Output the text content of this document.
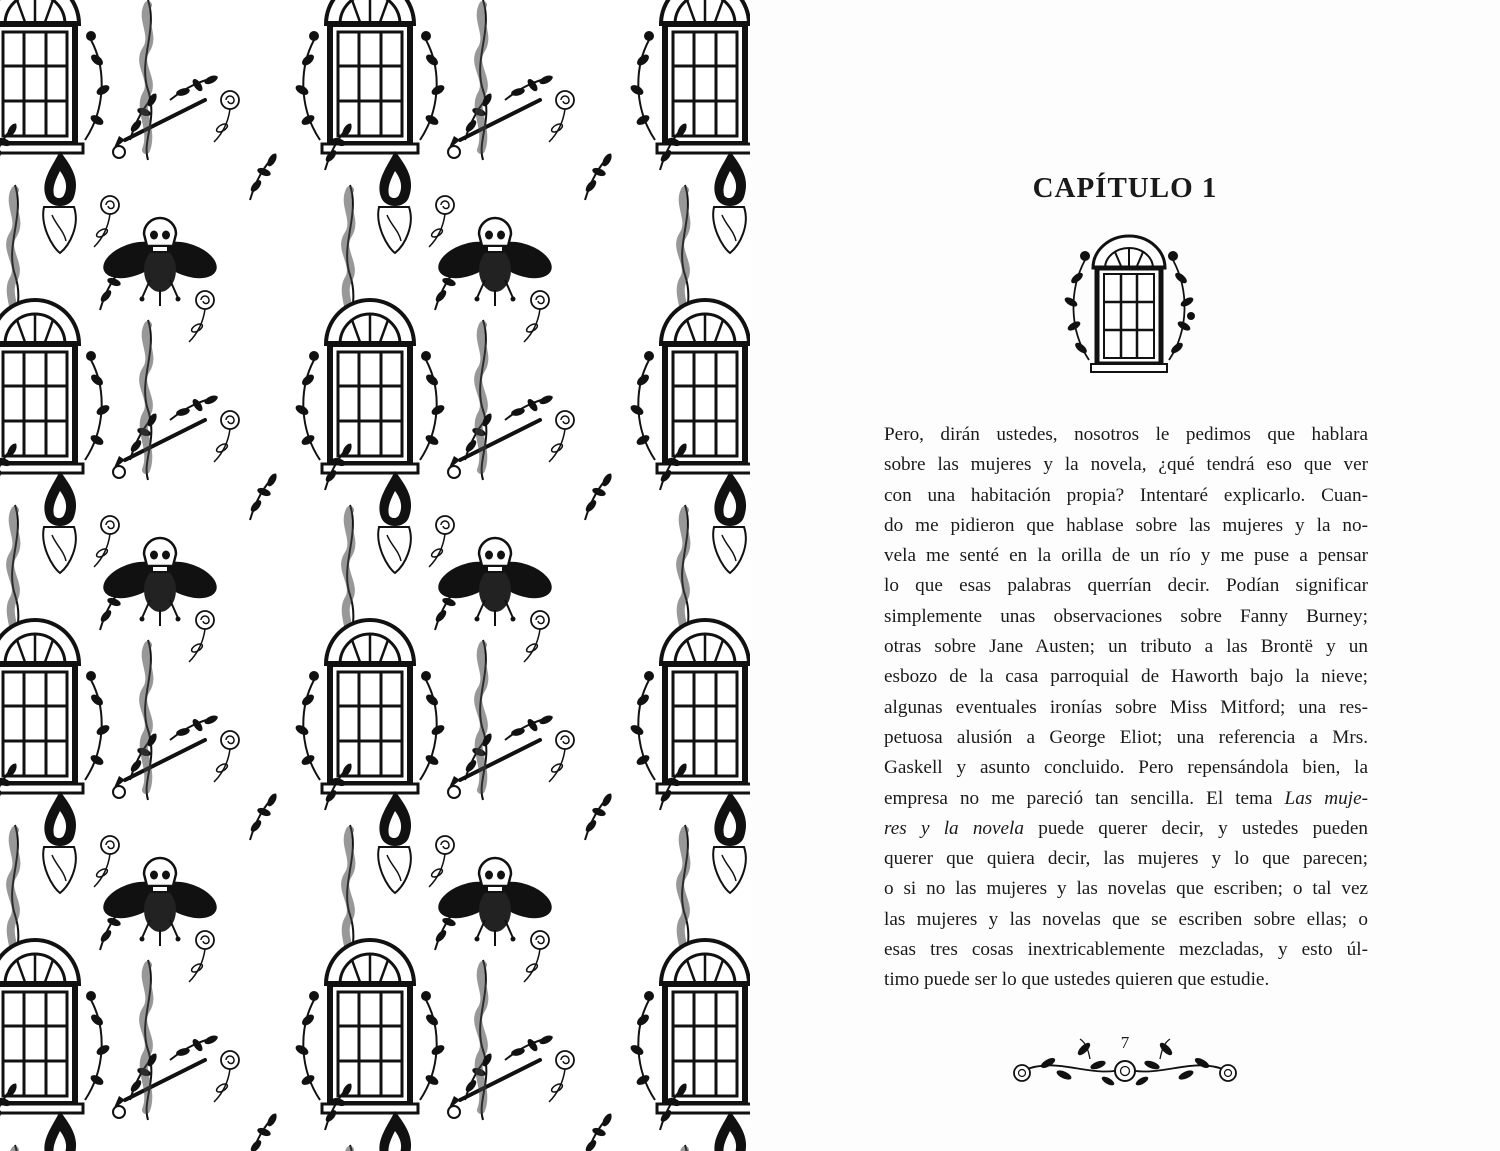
CAPÍTULO 1
Pero, dirán ustedes, nosotros le pedimos que hablara
sobre las mujeres y la novela, ¿qué tendrá eso que ver
con una habitación propia? Intentaré explicarlo. Cuan-
do me pidieron que hablase sobre las mujeres y la no-
vela me senté en la orilla de un río y me puse a pensar
lo que esas palabras querrían decir. Podían significar
simplemente unas observaciones sobre Fanny Burney;
otras sobre Jane Austen; un tributo a las Brontë y un
esbozo de la casa parroquial de Haworth bajo la nieve;
algunas eventuales ironías sobre Miss Mitford; una res-
petuosa alusión a George Eliot; una referencia a Mrs.
Gaskell y asunto concluido. Pero repensándola bien, la
empresa no me pareció tan sencilla. El tema Las muje-
res y la novela puede querer decir, y ustedes pueden
querer que quiera decir, las mujeres y lo que parecen;
o si no las mujeres y las novelas que escriben; o tal vez
las mujeres y las novelas que se escriben sobre ellas; o
esas tres cosas inextricablemente mezcladas, y esto úl-
timo puede ser lo que ustedes quieren que estudie.

7
